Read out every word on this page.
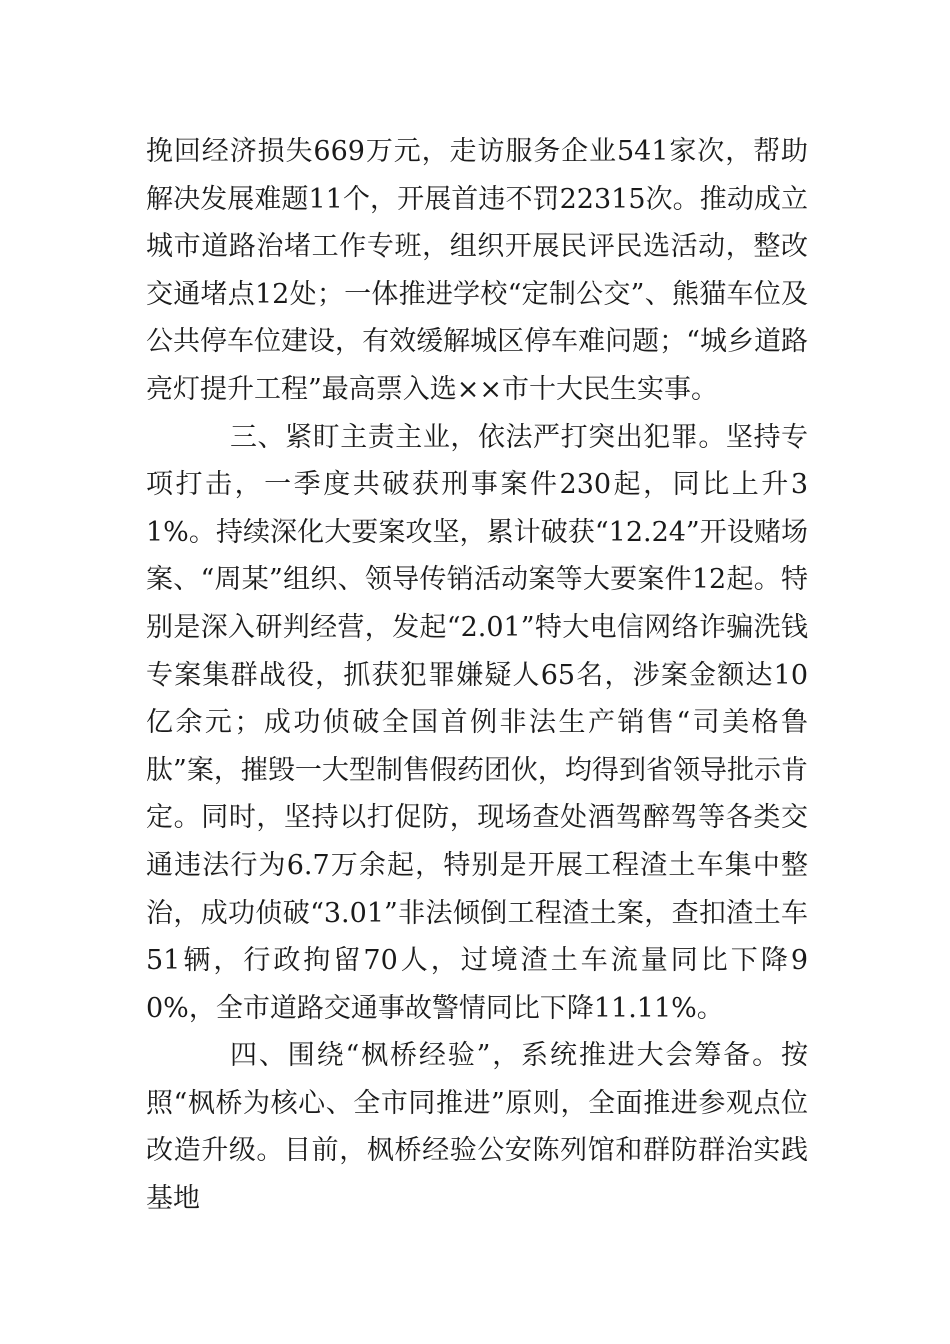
挽回经济损失669万元，走访服务企业541家次，帮助解决发展难题11个，开展首违不罚22315次。推动成立城市道路治堵工作专班，组织开展民评民选活动，整改交通堵点12处；一体推进学校“定制公交”、熊猫车位及公共停车位建设，有效缓解城区停车难问题；“城乡道路亮灯提升工程”最高票入选××市十大民生实事。

三、紧盯主责主业，依法严打突出犯罪。坚持专项打击，一季度共破获刑事案件230起，同比上升31%。持续深化大要案攻坚，累计破获“12.24”开设赌场案、“周某”组织、领导传销活动案等大要案件12起。特别是深入研判经营，发起“2.01”特大电信网络诈骗洗钱专案集群战役，抓获犯罪嫌疑人65名，涉案金额达10亿余元；成功侦破全国首例非法生产销售“司美格鲁肽”案，摧毁一大型制售假药团伙，均得到省领导批示肯定。同时，坚持以打促防，现场查处酒驾醉驾等各类交通违法行为6.7万余起，特别是开展工程渣土车集中整治，成功侦破“3.01”非法倾倒工程渣土案，查扣渣土车51辆，行政拘留70人，过境渣土车流量同比下降90%，全市道路交通事故警情同比下降11.11%。

四、围绕“枫桥经验”，系统推进大会筹备。按照“枫桥为核心、全市同推进”原则，全面推进参观点位改造升级。目前，枫桥经验公安陈列馆和群防群治实践基地
